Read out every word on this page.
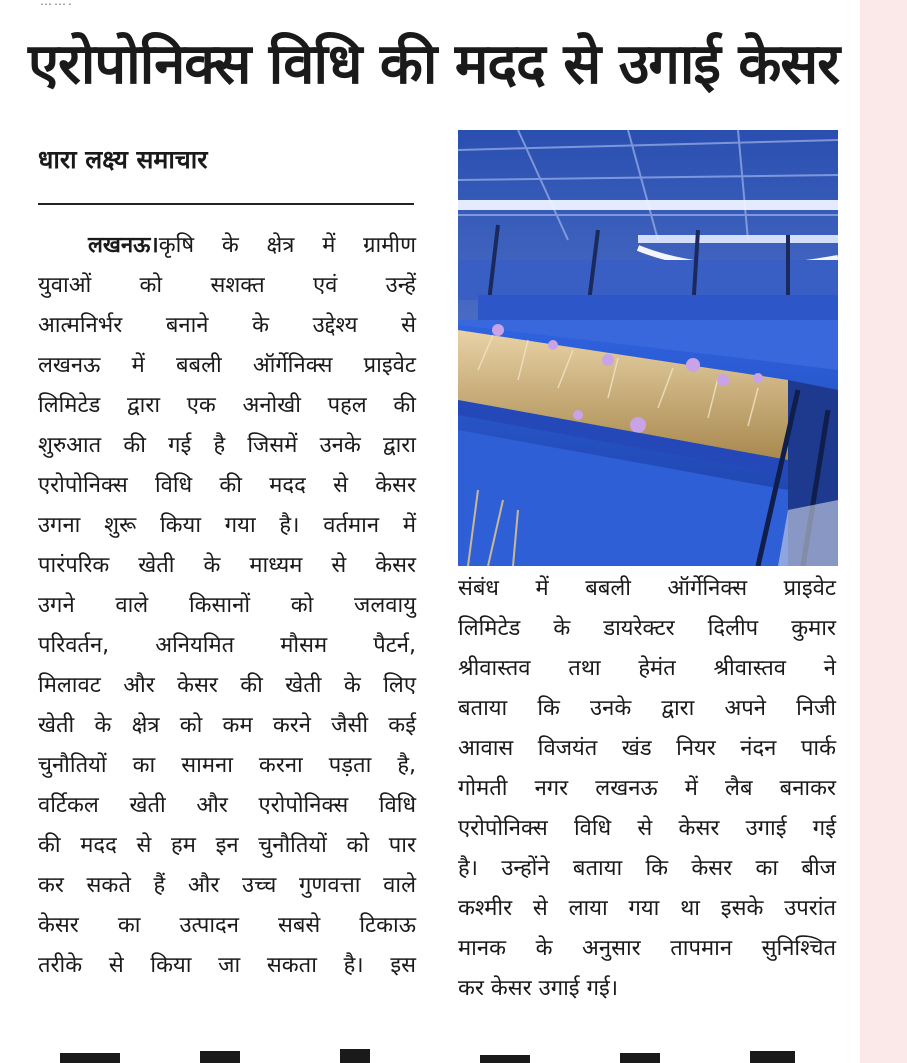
…….
एरोपोनिक्स विधि की मदद से उगाई केसर
धारा लक्ष्य समाचार
लखनऊ।कृषि के क्षेत्र में ग्रामीण
युवाओं को सशक्त एवं उन्हें
आत्मनिर्भर बनाने के उद्देश्य से
लखनऊ में बबली ऑर्गेनिक्स प्राइवेट
लिमिटेड द्वारा एक अनोखी पहल की
शुरुआत की गई है जिसमें उनके द्वारा
एरोपोनिक्स विधि की मदद से केसर
उगना शुरू किया गया है। वर्तमान में
पारंपरिक खेती के माध्यम से केसर
उगने वाले किसानों को जलवायु
परिवर्तन, अनियमित मौसम पैटर्न,
मिलावट और केसर की खेती के लिए
खेती के क्षेत्र को कम करने जैसी कई
चुनौतियों का सामना करना पड़ता है,
वर्टिकल खेती और एरोपोनिक्स विधि
की मदद से हम इन चुनौतियों को पार
कर सकते हैं और उच्च गुणवत्ता वाले
केसर का उत्पादन सबसे टिकाऊ
तरीके से किया जा सकता है। इस
संबंध में बबली ऑर्गेनिक्स प्राइवेट
लिमिटेड के डायरेक्टर दिलीप कुमार
श्रीवास्तव तथा हेमंत श्रीवास्तव ने
बताया कि उनके द्वारा अपने निजी
आवास विजयंत खंड नियर नंदन पार्क
गोमती नगर लखनऊ में लैब बनाकर
एरोपोनिक्स विधि से केसर उगाई गई
है। उन्होंने बताया कि केसर का बीज
कश्मीर से लाया गया था इसके उपरांत
मानक के अनुसार तापमान सुनिश्चित
कर केसर उगाई गई।
